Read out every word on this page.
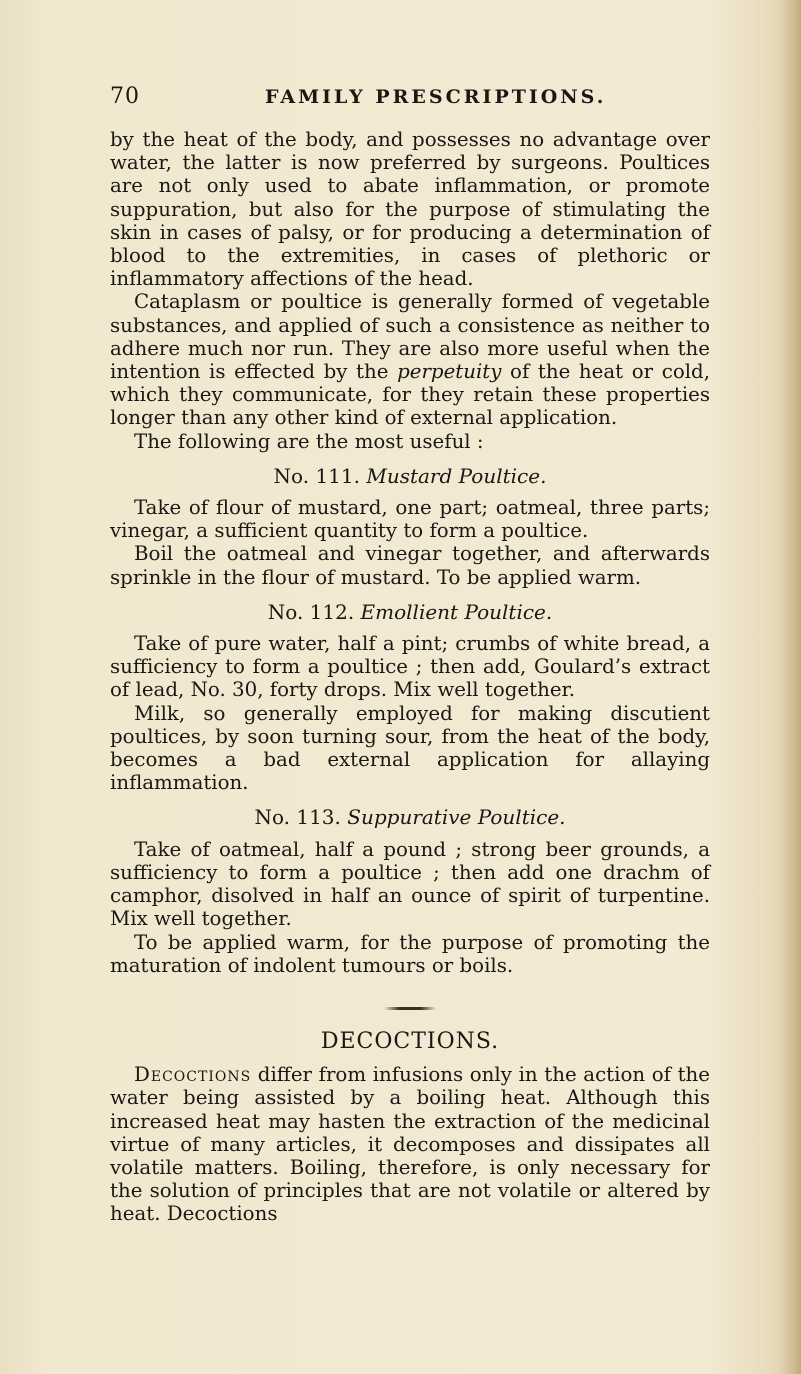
70	FAMILY PRESCRIPTIONS.

by the heat of the body, and possesses no advantage over water, the latter is now preferred by surgeons. Poultices are not only used to abate inflammation, or promote suppuration, but also for the purpose of stimulating the skin in cases of palsy, or for producing a determination of blood to the extremities, in cases of plethoric or inflammatory affections of the head.

Cataplasm or poultice is generally formed of vegetable substances, and applied of such a consistence as neither to adhere much nor run. They are also more useful when the intention is effected by the perpetuity of the heat or cold, which they communicate, for they retain these properties longer than any other kind of external application.

The following are the most useful :

No. 111. Mustard Poultice.

Take of flour of mustard, one part; oatmeal, three parts; vinegar, a sufficient quantity to form a poultice.

Boil the oatmeal and vinegar together, and afterwards sprinkle in the flour of mustard. To be applied warm.

No. 112. Emollient Poultice.

Take of pure water, half a pint; crumbs of white bread, a sufficiency to form a poultice ; then add, Goulard’s extract of lead, No. 30, forty drops. Mix well together.

Milk, so generally employed for making discutient poultices, by soon turning sour, from the heat of the body, becomes a bad external application for allaying inflammation.

No. 113. Suppurative Poultice.

Take of oatmeal, half a pound ; strong beer grounds, a sufficiency to form a poultice ; then add one drachm of camphor, disolved in half an ounce of spirit of turpentine. Mix well together.

To be applied warm, for the purpose of promoting the maturation of indolent tumours or boils.

DECOCTIONS.

Decoctions differ from infusions only in the action of the water being assisted by a boiling heat. Although this increased heat may hasten the extraction of the medicinal virtue of many articles, it decomposes and dissipates all volatile matters. Boiling, therefore, is only necessary for the solution of principles that are not volatile or altered by heat. Decoctions
